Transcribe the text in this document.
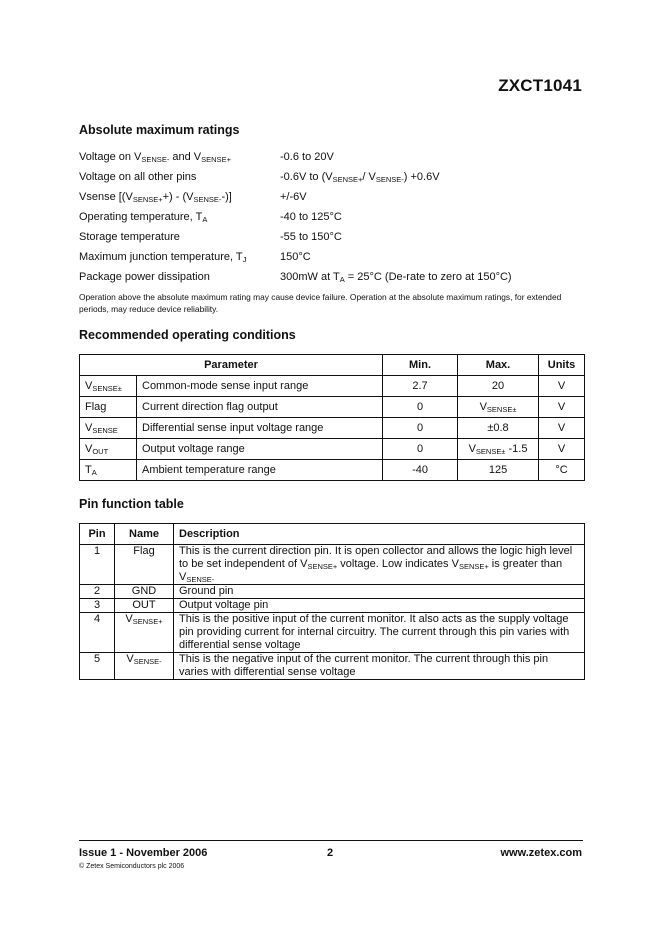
ZXCT1041
Absolute maximum ratings
Voltage on $V_{SENSE-}$ and $V_{SENSE+}$	-0.6 to 20V
Voltage on all other pins	-0.6V to ($V_{SENSE+}/$ $V_{SENSE-}) +0.6V$
Vsense $[(V_{SENSE+}+) - (V_{SENSE-}-)]$	+/-6V
Operating temperature, $T_A$	-40 to 125°C
Storage temperature	-55 to 150°C
Maximum junction temperature, $T_J$	150°C
Package power dissipation	300mW at $T_A = 25^\circ C$ (De-rate to zero at 150°C)
Operation above the absolute maximum rating may cause device failure. Operation at the absolute maximum ratings, for extended periods, may reduce device reliability.
Recommended operating conditions
Parameter		Min.	Max.	Units
$V_{SENSE\pm}$	Common-mode sense input range	2.7	20	V
Flag	Current direction flag output	0	$V_{SENSE\pm}$	V
$V_{SENSE}$	Differential sense input voltage range	0	±0.8	V
$V_{OUT}$	Output voltage range	0	$V_{SENSE\pm}$ -1.5	V
$T_A$	Ambient temperature range	-40	125	°C
Pin function table
Pin	Name	Description
1	Flag	This is the current direction pin. It is open collector and allows the logic high level to be set independent of $V_{SENSE+}$ voltage. Low indicates $V_{SENSE+}$ is greater than $V_{SENSE-}$
2	GND	Ground pin
3	OUT	Output voltage pin
4	$V_{SENSE+}$	This is the positive input of the current monitor. It also acts as the supply voltage pin providing current for internal circuitry. The current through this pin varies with differential sense voltage
5	$V_{SENSE-}$	This is the negative input of the current monitor. The current through this pin varies with differential sense voltage
Issue 1 - November 2006	2	www.zetex.com
© Zetex Semiconductors plc 2006
